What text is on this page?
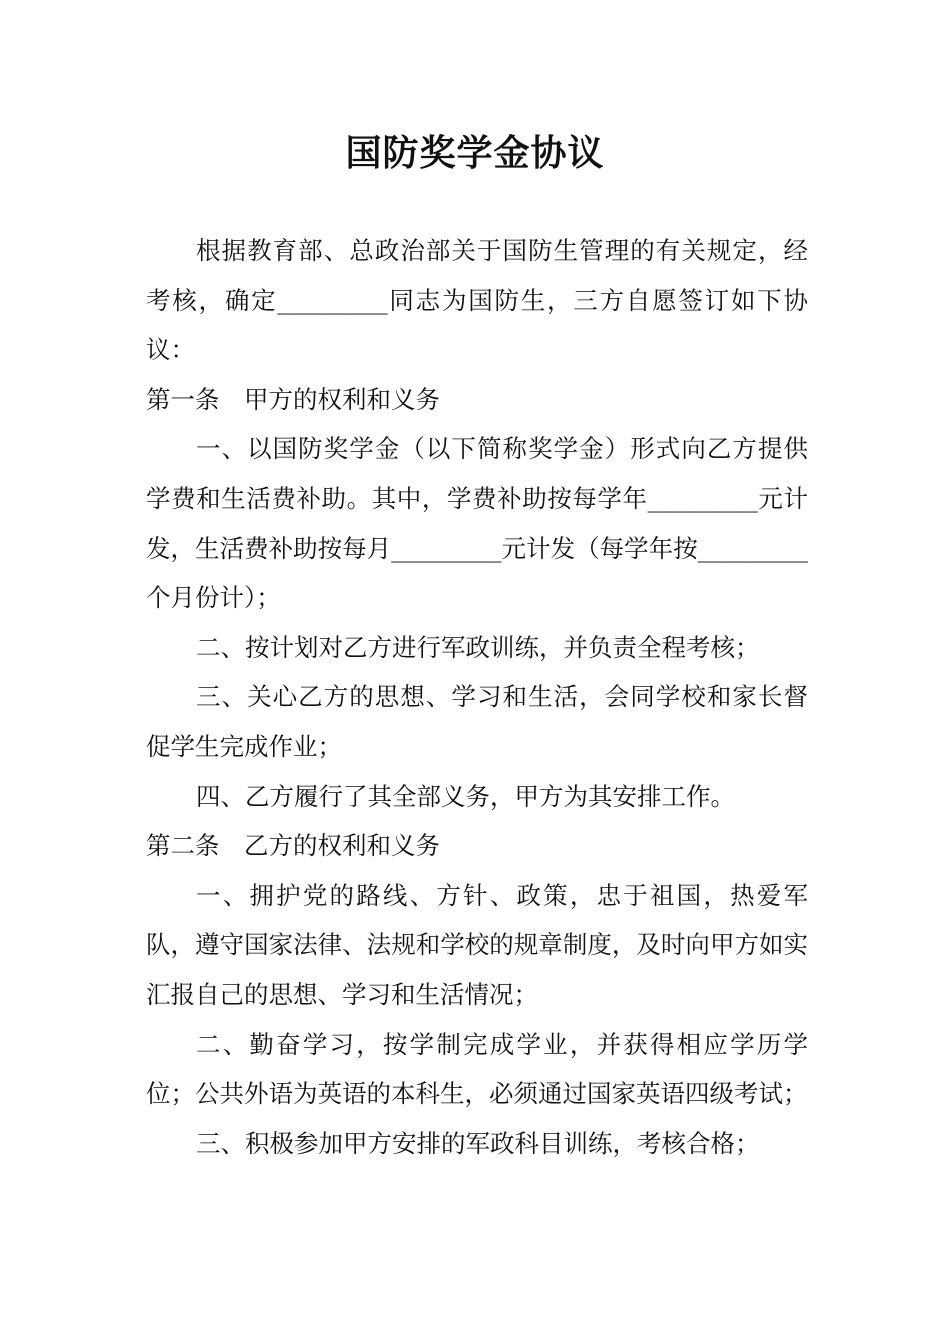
国防奖学金协议

根据教育部、总政治部关于国防生管理的有关规定，经考核，确定_________同志为国防生，三方自愿签订如下协议：

第一条　甲方的权利和义务

一、以国防奖学金（以下简称奖学金）形式向乙方提供学费和生活费补助。其中，学费补助按每学年_________元计发，生活费补助按每月_________元计发（每学年按_________个月份计）；

二、按计划对乙方进行军政训练，并负责全程考核；

三、关心乙方的思想、学习和生活，会同学校和家长督促学生完成作业；

四、乙方履行了其全部义务，甲方为其安排工作。

第二条　乙方的权利和义务

一、拥护党的路线、方针、政策，忠于祖国，热爱军队，遵守国家法律、法规和学校的规章制度，及时向甲方如实汇报自己的思想、学习和生活情况；

二、勤奋学习，按学制完成学业，并获得相应学历学位；公共外语为英语的本科生，必须通过国家英语四级考试；

三、积极参加甲方安排的军政科目训练，考核合格；
